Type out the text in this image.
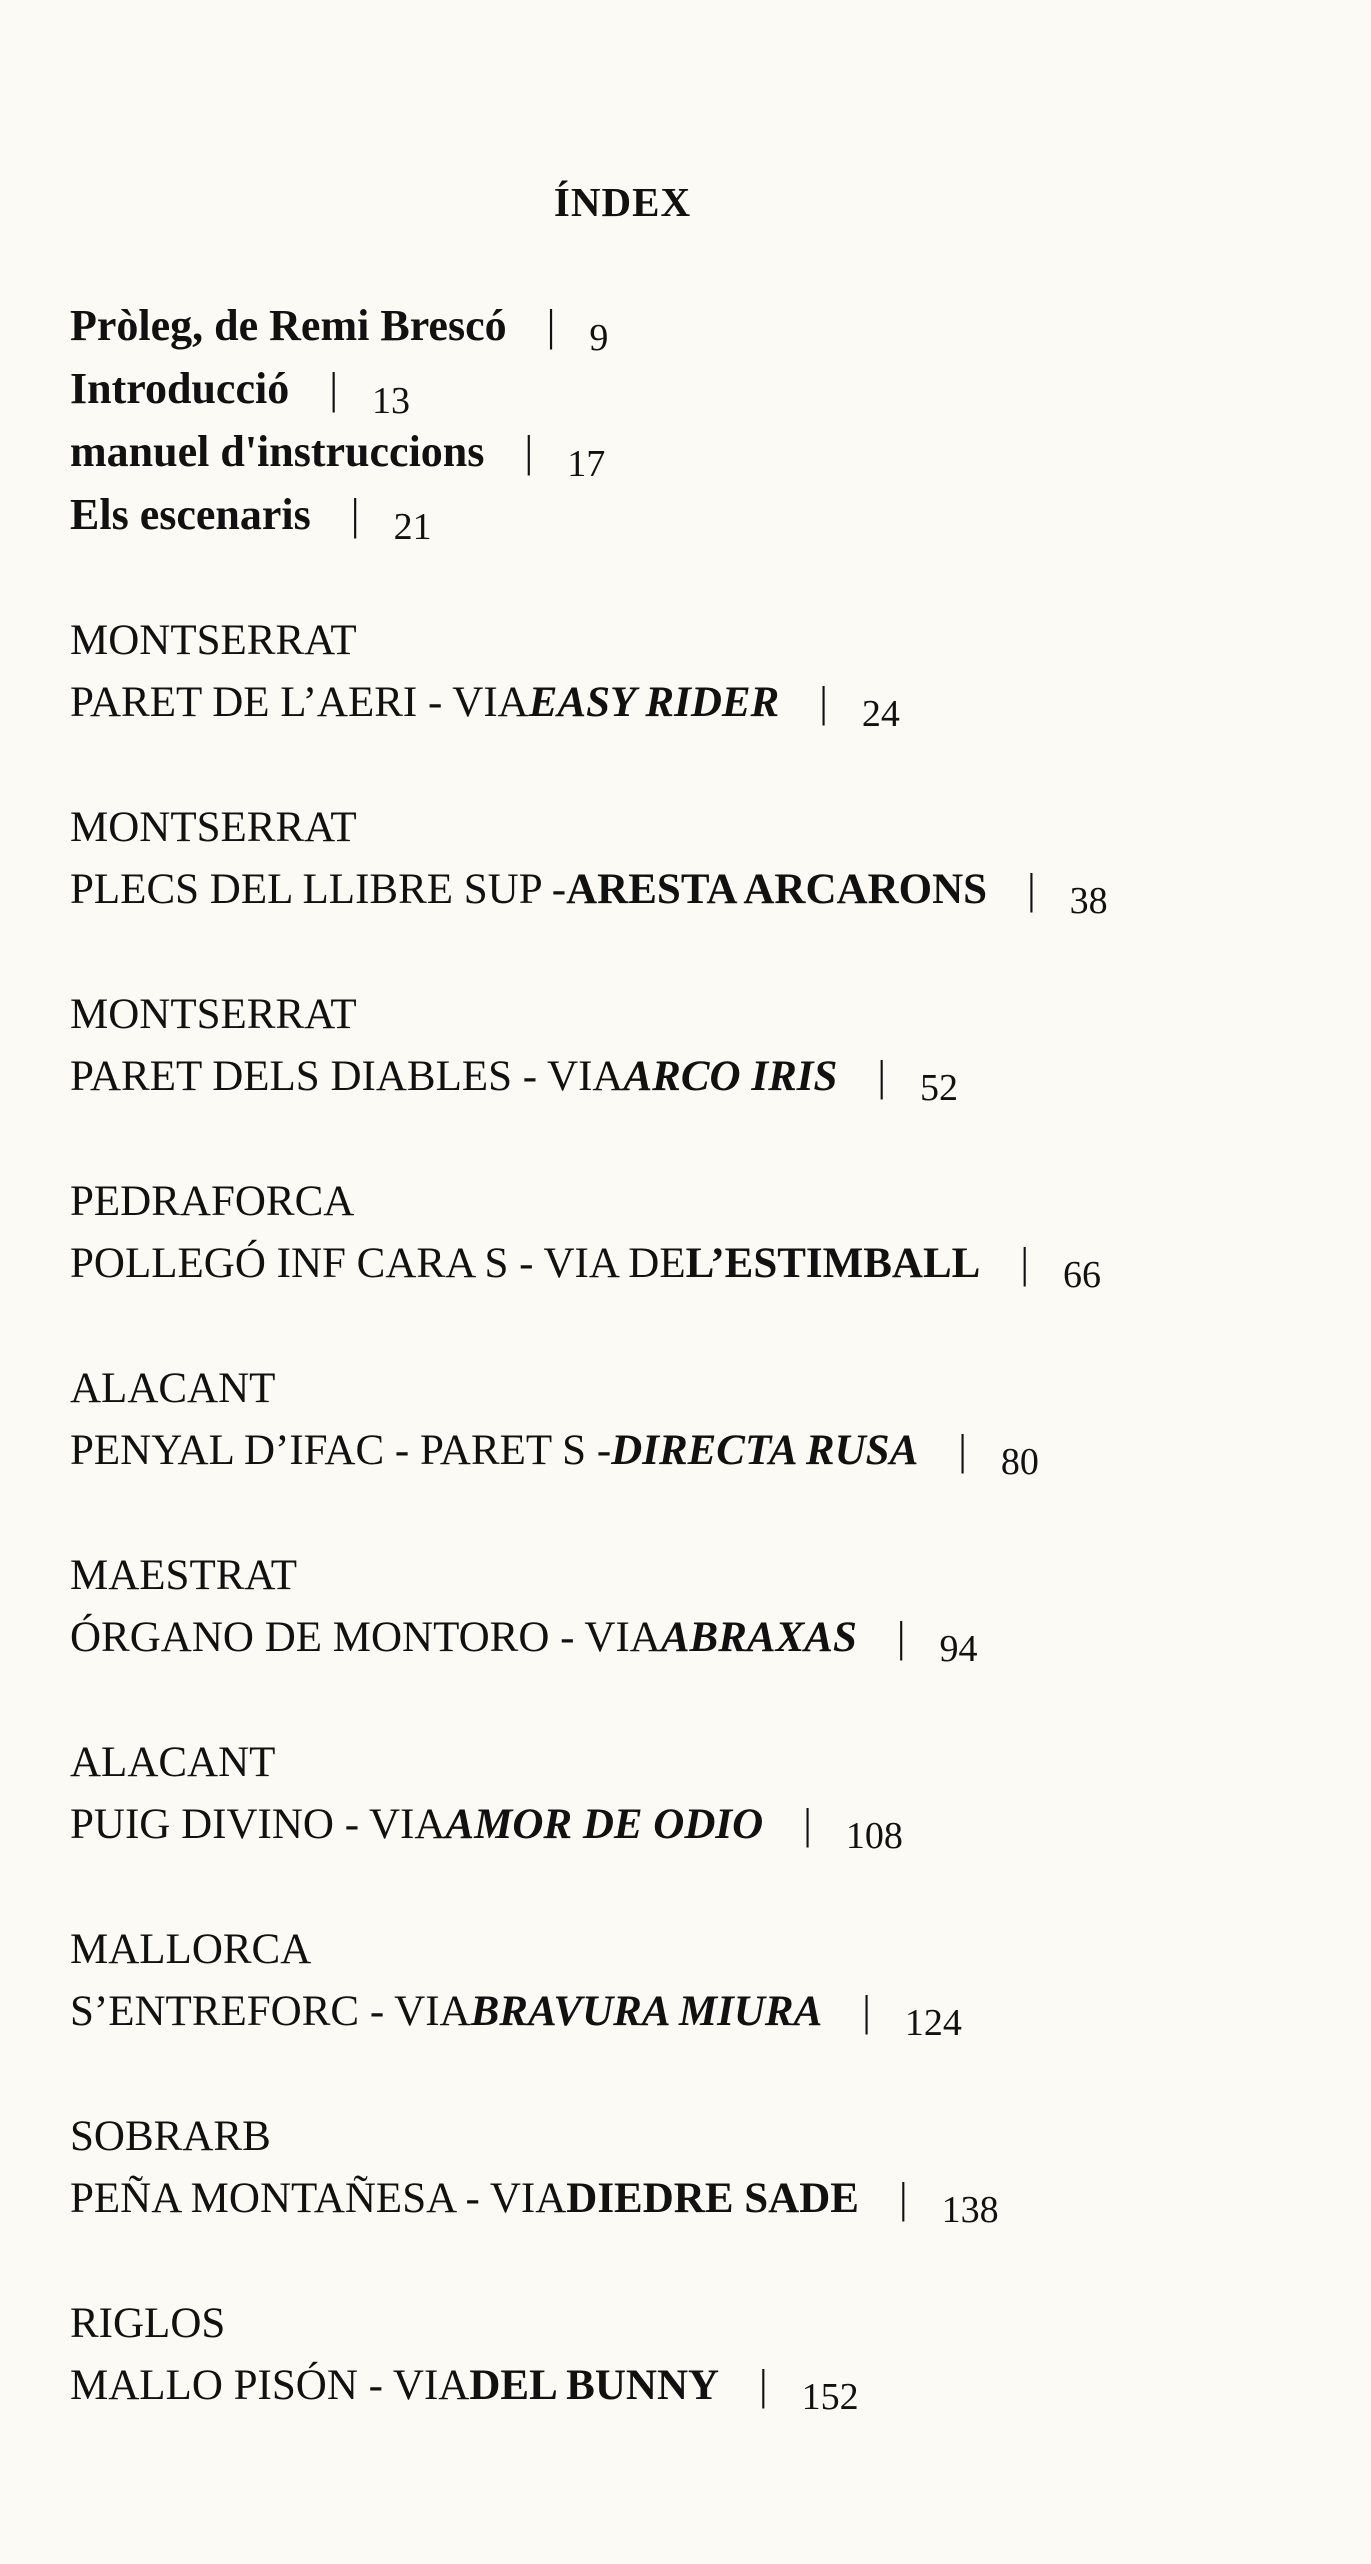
ÍNDEX
Pròleg, de Remi Brescó | 9
Introducció | 13
manuel d'instruccions | 17
Els escenaris | 21
MONTSERRAT
PARET DE L’AERI - VIA EASY RIDER | 24
MONTSERRAT
PLECS DEL LLIBRE SUP - ARESTA ARCARONS | 38
MONTSERRAT
PARET DELS DIABLES - VIA ARCO IRIS | 52
PEDRAFORCA
POLLEGÓ INF CARA S - VIA DE L’ESTIMBALL | 66
ALACANT
PENYAL D’IFAC - PARET S - DIRECTA RUSA | 80
MAESTRAT
ÓRGANO DE MONTORO - VIA ABRAXAS | 94
ALACANT
PUIG DIVINO - VIA AMOR DE ODIO | 108
MALLORCA
S’ENTREFORC - VIA BRAVURA MIURA | 124
SOBRARB
PEÑA MONTAÑESA - VIA DIEDRE SADE | 138
RIGLOS
MALLO PISÓN - VIA DEL BUNNY | 152
